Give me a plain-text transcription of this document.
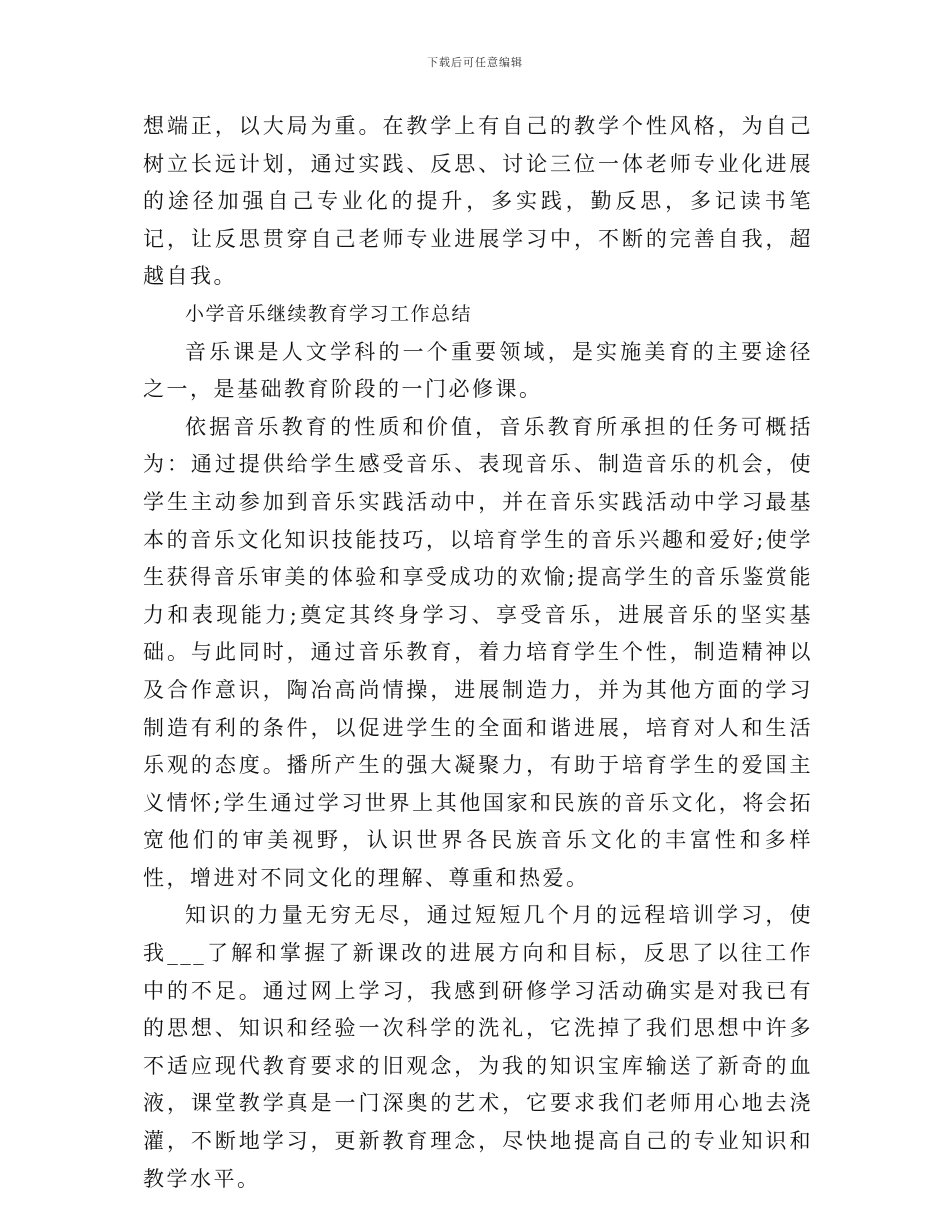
下载后可任意编辑

想端正，以大局为重。在教学上有自己的教学个性风格，为自己树立长远计划，通过实践、反思、讨论三位一体老师专业化进展的途径加强自己专业化的提升，多实践，勤反思，多记读书笔记，让反思贯穿自己老师专业进展学习中，不断的完善自我，超越自我。

小学音乐继续教育学习工作总结

音乐课是人文学科的一个重要领域，是实施美育的主要途径之一，是基础教育阶段的一门必修课。

依据音乐教育的性质和价值，音乐教育所承担的任务可概括为：通过提供给学生感受音乐、表现音乐、制造音乐的机会，使学生主动参加到音乐实践活动中，并在音乐实践活动中学习最基本的音乐文化知识技能技巧，以培育学生的音乐兴趣和爱好;使学生获得音乐审美的体验和享受成功的欢愉;提高学生的音乐鉴赏能力和表现能力;奠定其终身学习、享受音乐，进展音乐的坚实基础。与此同时，通过音乐教育，着力培育学生个性，制造精神以及合作意识，陶冶高尚情操，进展制造力，并为其他方面的学习制造有利的条件，以促进学生的全面和谐进展，培育对人和生活乐观的态度。播所产生的强大凝聚力，有助于培育学生的爱国主义情怀;学生通过学习世界上其他国家和民族的音乐文化，将会拓宽他们的审美视野，认识世界各民族音乐文化的丰富性和多样性，增进对不同文化的理解、尊重和热爱。

知识的力量无穷无尽，通过短短几个月的远程培训学习，使我___了解和掌握了新课改的进展方向和目标，反思了以往工作中的不足。通过网上学习，我感到研修学习活动确实是对我已有的思想、知识和经验一次科学的洗礼，它洗掉了我们思想中许多不适应现代教育要求的旧观念，为我的知识宝库输送了新奇的血液，课堂教学真是一门深奥的艺术，它要求我们老师用心地去浇灌，不断地学习，更新教育理念，尽快地提高自己的专业知识和教学水平。
